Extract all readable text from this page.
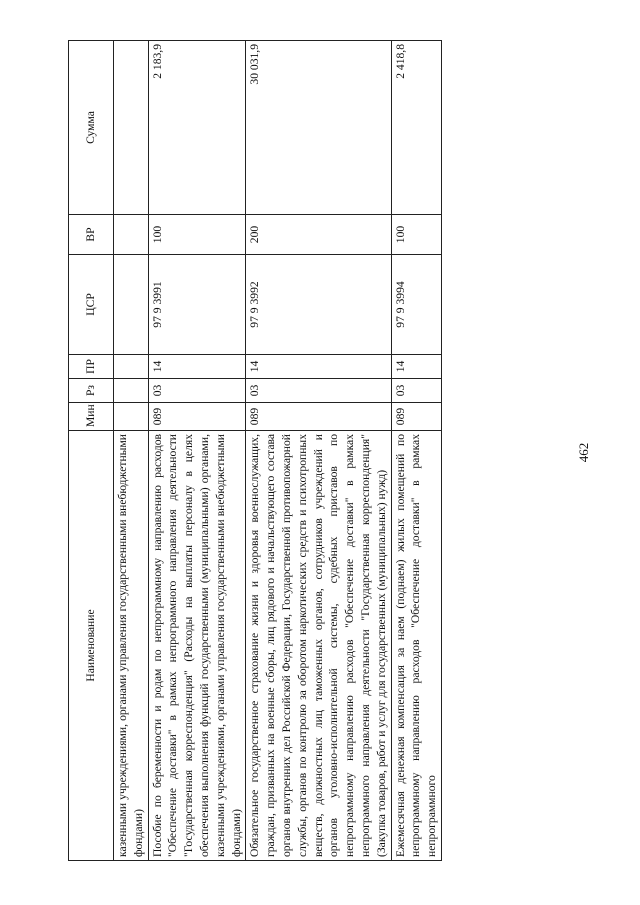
462
Наименование	Мин	Рз	ПР	ЦСР	ВР	Сумма
казенными учреждениями, органами управления государственными внебюджетными фондами)						
Пособие по беременности и родам по непрограммному направлению расходов "Обеспечение доставки" в рамках непрограммного направления деятельности "Государственная корреспонденция" (Расходы на выплаты персоналу в целях обеспечения выполнения функций государственными (муниципальными) органами, казенными учреждениями, органами управления государственными внебюджетными фондами)	089	03	14	97 9 3991	100	2 183,9
Обязательное государственное страхование жизни и здоровья военнослужащих, граждан, призванных на военные сборы, лиц рядового и начальствующего состава органов внутренних дел Российской Федерации, Государственной противопожарной службы, органов по контролю за оборотом наркотических средств и психотропных веществ, должностных лиц таможенных органов, сотрудников учреждений и органов уголовно-исполнительной системы, судебных приставов по непрограммному направлению расходов "Обеспечение доставки" в рамках непрограммного направления деятельности "Государственная корреспонденция" (Закупка товаров, работ и услуг для государственных (муниципальных) нужд)	089	03	14	97 9 3992	200	30 031,9
Ежемесячная денежная компенсация за наем (поднаем) жилых помещений по непрограммному направлению расходов "Обеспечение доставки" в рамках непрограммного	089	03	14	97 9 3994	100	2 418,8
